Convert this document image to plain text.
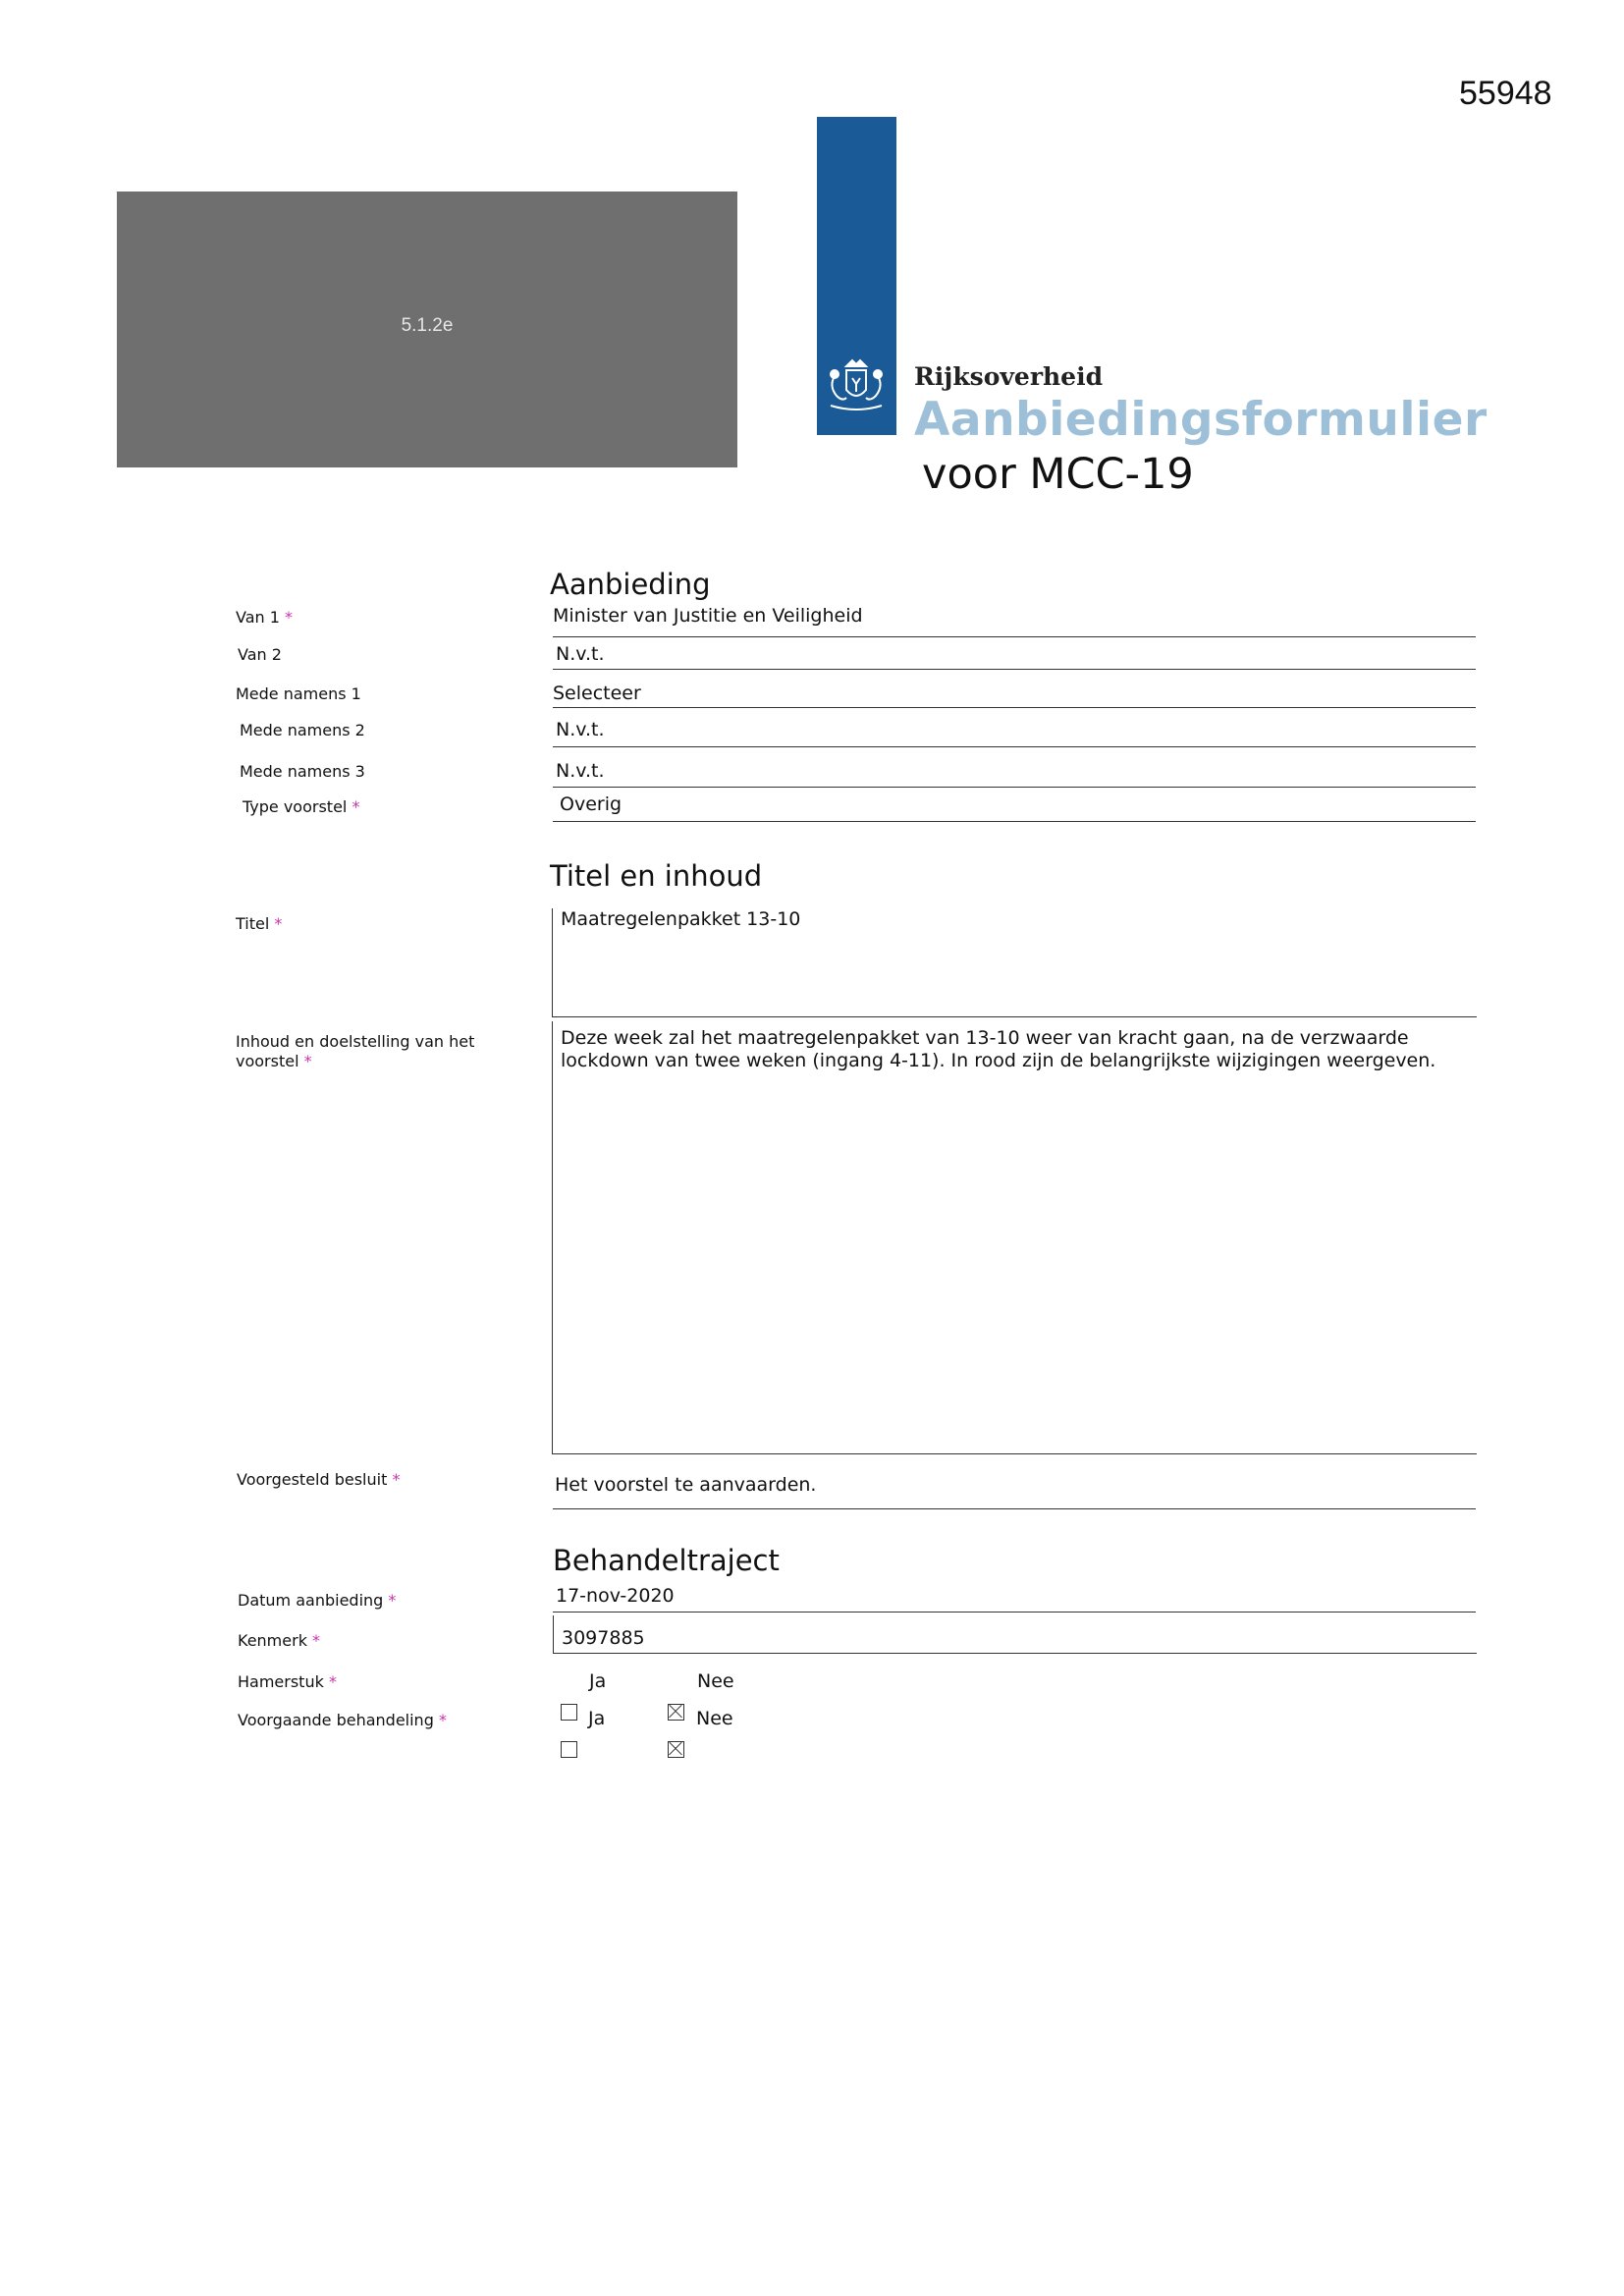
55948
5.1.2e
Rijksoverheid
Aanbiedingsformulier
voor MCC-19
Aanbieding
Van 1 *	Minister van Justitie en Veiligheid
Van 2	N.v.t.
Mede namens 1	Selecteer
Mede namens 2	N.v.t.
Mede namens 3	N.v.t.
Type voorstel *	Overig
Titel en inhoud
Titel *	Maatregelenpakket 13-10
Inhoud en doelstelling van het
voorstel *
Deze week zal het maatregelenpakket van 13-10 weer van kracht gaan, na de verzwaarde
lockdown van twee weken (ingang 4-11). In rood zijn de belangrijkste wijzigingen weergeven.
Voorgesteld besluit *	Het voorstel te aanvaarden.
Behandeltraject
Datum aanbieding *	17-nov-2020
Kenmerk *	3097885
Hamerstuk *	Ja	Nee
Voorgaande behandeling *	Ja	Nee
